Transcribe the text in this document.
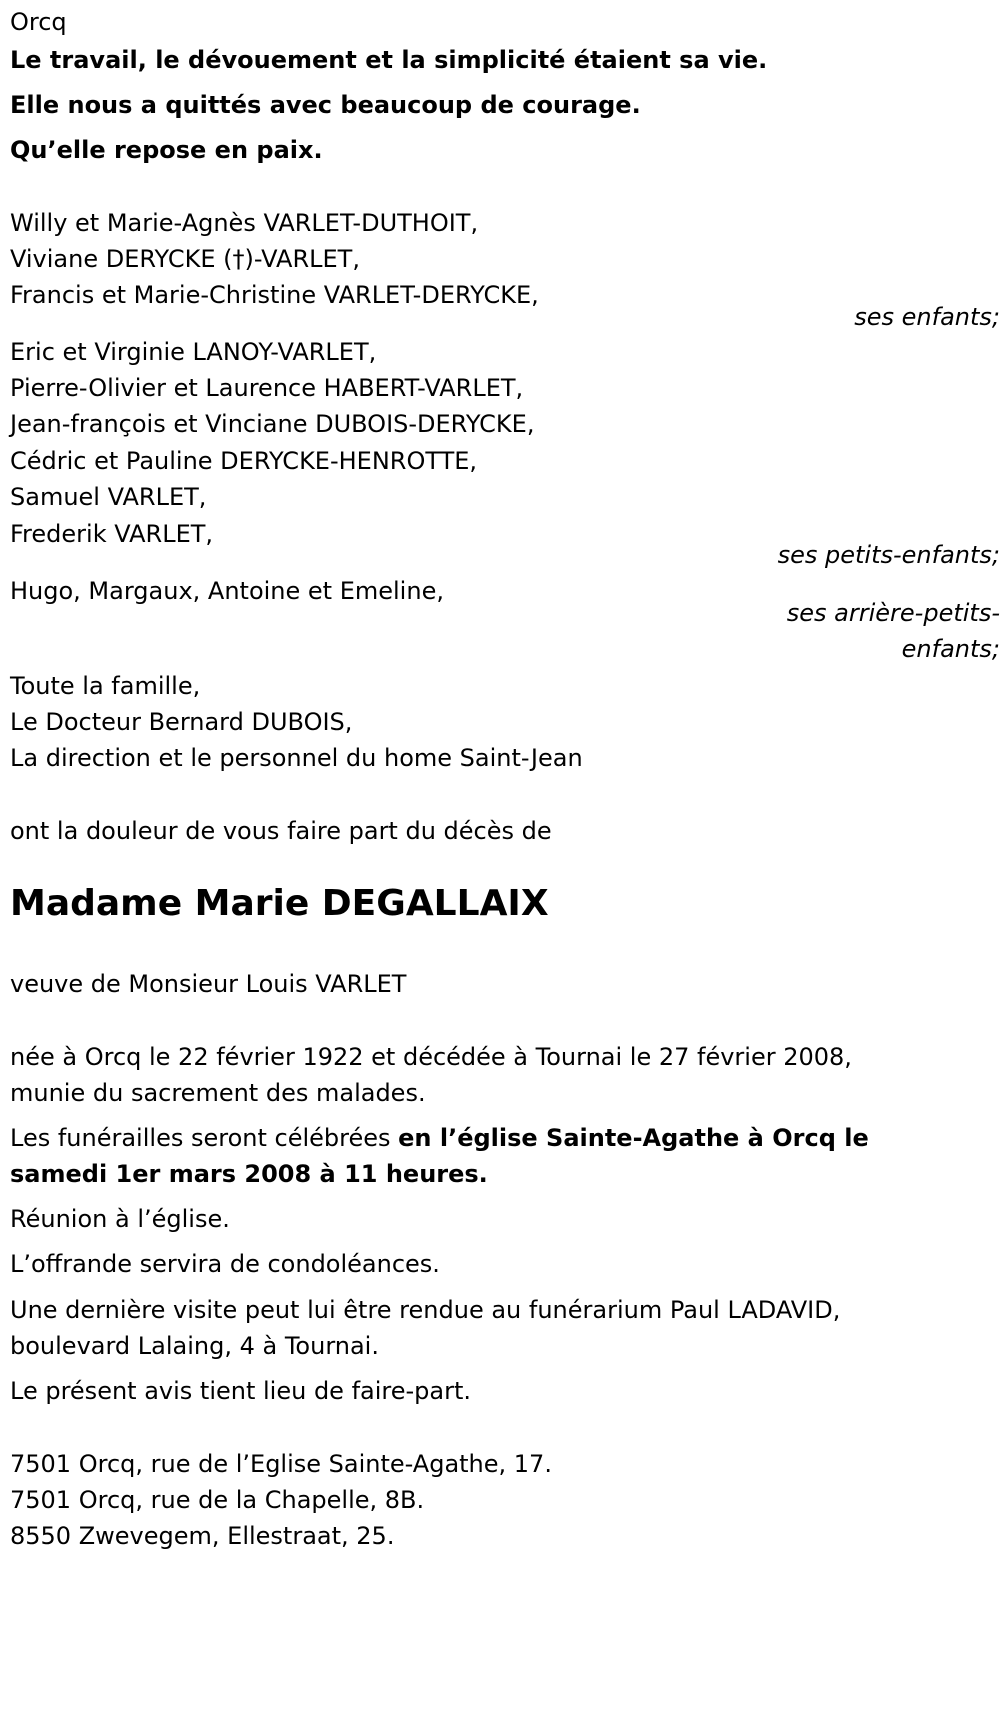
Orcq

Le travail, le dévouement et la simplicité étaient sa vie.

Elle nous a quittés avec beaucoup de courage.

Qu’elle repose en paix.

Willy et Marie-Agnès VARLET-DUTHOIT,

Viviane DERYCKE (†)-VARLET,

Francis et Marie-Christine VARLET-DERYCKE,

ses enfants;

Eric et Virginie LANOY-VARLET,

Pierre-Olivier et Laurence HABERT-VARLET,

Jean-françois et Vinciane DUBOIS-DERYCKE,

Cédric et Pauline DERYCKE-HENROTTE,

Samuel VARLET,

Frederik VARLET,

ses petits-enfants;

Hugo, Margaux, Antoine et Emeline,

ses arrière-petits-

enfants;

Toute la famille,

Le Docteur Bernard DUBOIS,

La direction et le personnel du home Saint-Jean

ont la douleur de vous faire part du décès de

Madame Marie DEGALLAIX

veuve de Monsieur Louis VARLET

née à Orcq le 22 février 1922 et décédée à Tournai le 27 février 2008,

munie du sacrement des malades.

Les funérailles seront célébrées en l’église Sainte-Agathe à Orcq le

samedi 1er mars 2008 à 11 heures.

Réunion à l’église.

L’offrande servira de condoléances.

Une dernière visite peut lui être rendue au funérarium Paul LADAVID,

boulevard Lalaing, 4 à Tournai.

Le présent avis tient lieu de faire-part.

7501 Orcq, rue de l’Eglise Sainte-Agathe, 17.

7501 Orcq, rue de la Chapelle, 8B.

8550 Zwevegem, Ellestraat, 25.
